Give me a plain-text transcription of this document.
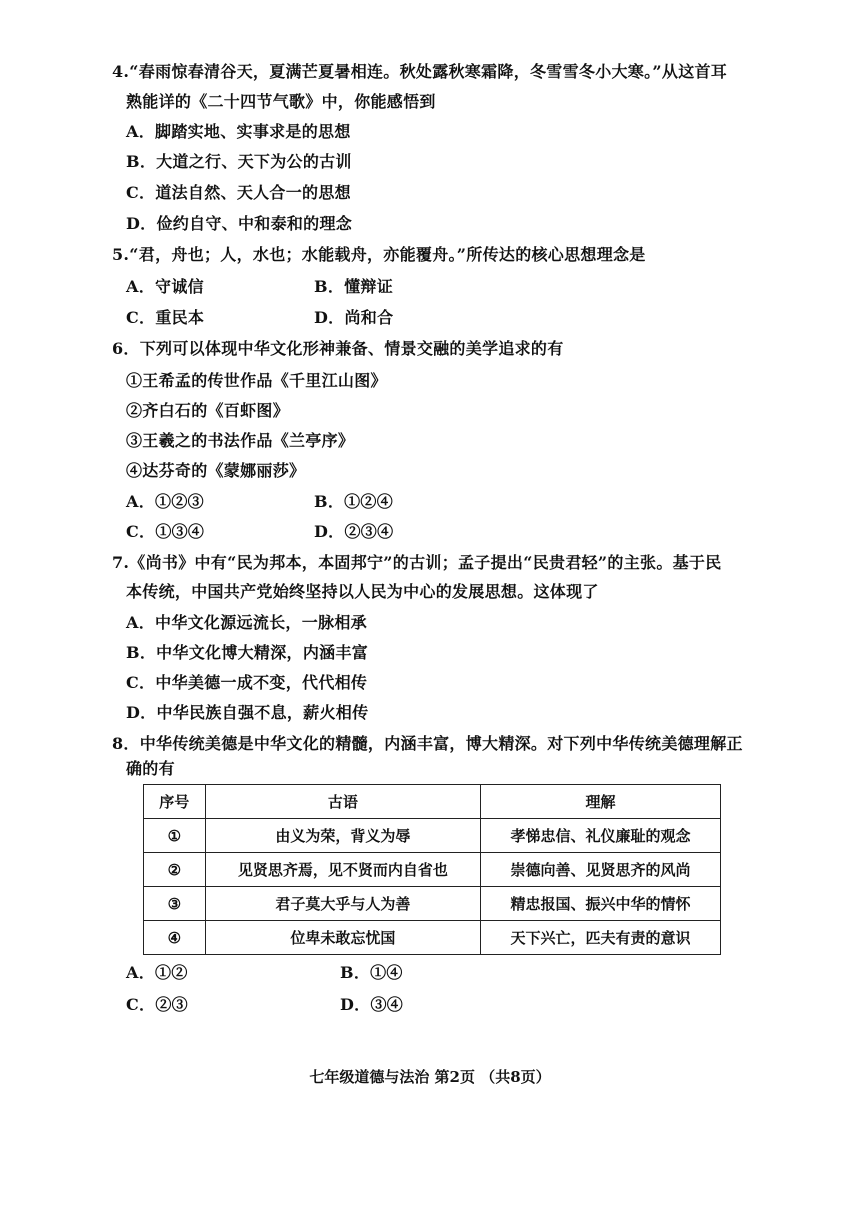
4.“春雨惊春清谷天，夏满芒夏暑相连。秋处露秋寒霜降，冬雪雪冬小大寒。”从这首耳
熟能详的《二十四节气歌》中，你能感悟到
A．脚踏实地、实事求是的思想
B．大道之行、天下为公的古训
C．道法自然、天人合一的思想
D．俭约自守、中和泰和的理念
5.“君，舟也；人，水也；水能载舟，亦能覆舟。”所传达的核心思想理念是
A．守诚信	B．懂辩证
C．重民本	D．尚和合
6．下列可以体现中华文化形神兼备、情景交融的美学追求的有
①王希孟的传世作品《千里江山图》
②齐白石的《百虾图》
③王羲之的书法作品《兰亭序》
④达芬奇的《蒙娜丽莎》
A．①②③	B．①②④
C．①③④	D．②③④
7.《尚书》中有“民为邦本，本固邦宁”的古训；孟子提出“民贵君轻”的主张。基于民
本传统，中国共产党始终坚持以人民为中心的发展思想。这体现了
A．中华文化源远流长，一脉相承
B．中华文化博大精深，内涵丰富
C．中华美德一成不变，代代相传
D．中华民族自强不息，薪火相传
8．中华传统美德是中华文化的精髓，内涵丰富，博大精深。对下列中华传统美德理解正
确的有
序号	古语	理解
①	由义为荣，背义为辱	孝悌忠信、礼仪廉耻的观念
②	见贤思齐焉，见不贤而内自省也	崇德向善、见贤思齐的风尚
③	君子莫大乎与人为善	精忠报国、振兴中华的情怀
④	位卑未敢忘忧国	天下兴亡，匹夫有责的意识
A．①②	B．①④
C．②③	D．③④
七年级道德与法治 第2页 （共8页）
